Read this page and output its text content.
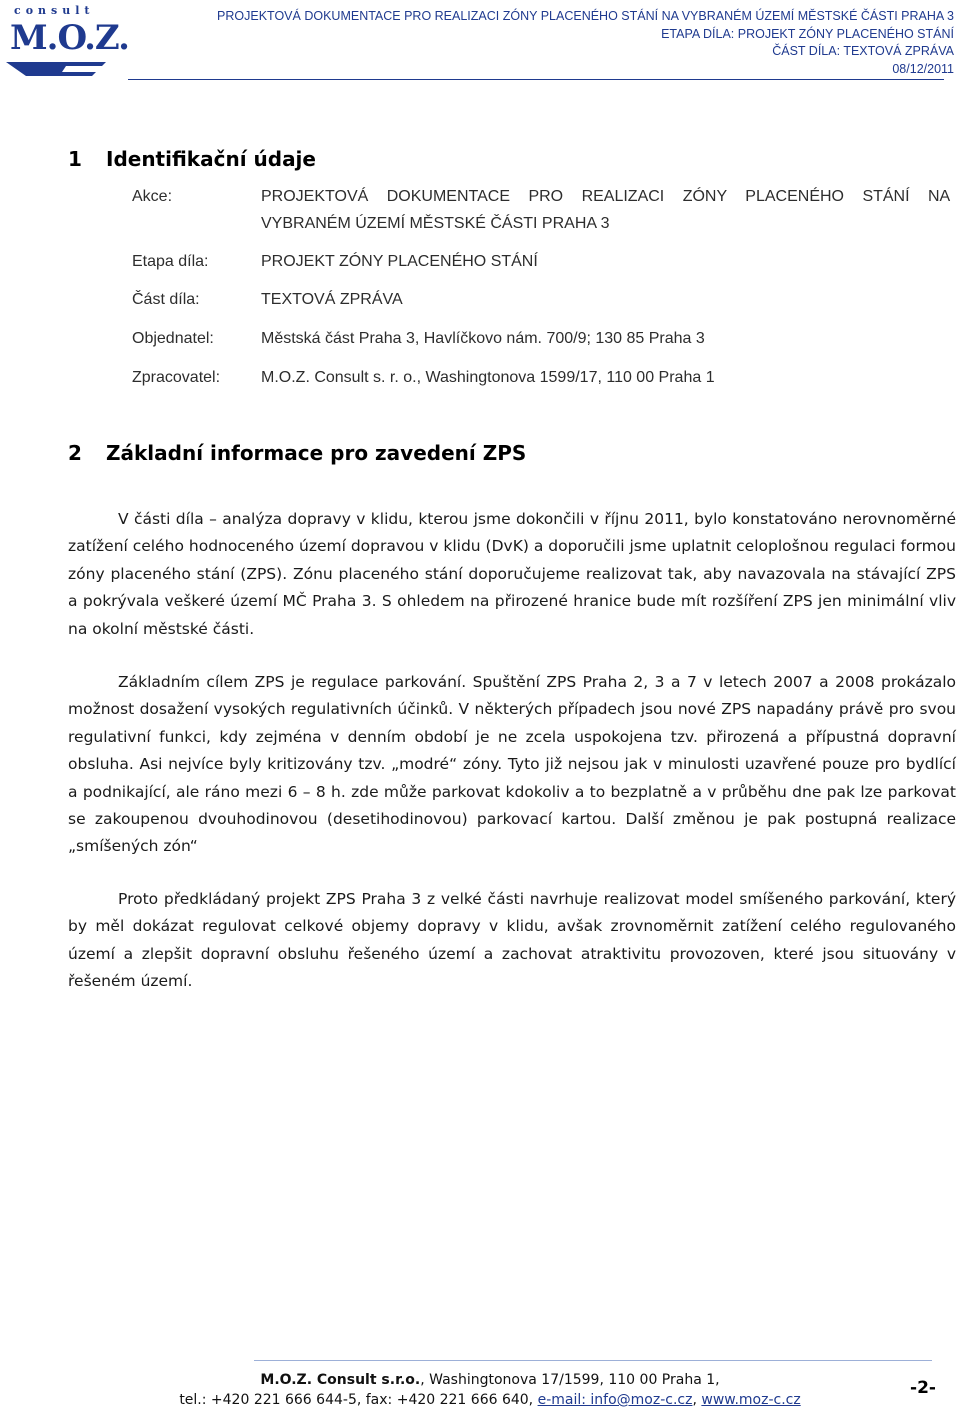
consult
M.O.Z.
PROJEKTOVÁ DOKUMENTACE PRO REALIZACI ZÓNY PLACENÉHO STÁNÍ NA VYBRANÉM ÚZEMÍ MĚSTSKÉ ČÁSTI PRAHA 3
ETAPA DÍLA: PROJEKT ZÓNY PLACENÉHO STÁNÍ
ČÁST DÍLA: TEXTOVÁ ZPRÁVA
08/12/2011
1 Identifikační údaje
Akce:	PROJEKTOVÁ DOKUMENTACE PRO REALIZACI ZÓNY PLACENÉHO STÁNÍ NA
VYBRANÉM ÚZEMÍ MĚSTSKÉ ČÁSTI PRAHA 3
Etapa díla:	PROJEKT ZÓNY PLACENÉHO STÁNÍ
Část díla:	TEXTOVÁ ZPRÁVA
Objednatel:	Městská část Praha 3, Havlíčkovo nám. 700/9; 130 85 Praha 3
Zpracovatel:	M.O.Z. Consult s. r. o., Washingtonova 1599/17, 110 00 Praha 1
2 Základní informace pro zavedení ZPS
V části díla – analýza dopravy v klidu, kterou jsme dokončili v říjnu 2011, bylo konstatováno nerovnoměrné zatížení celého hodnoceného území dopravou v klidu (DvK) a doporučili jsme uplatnit celoplošnou regulaci formou zóny placeného stání (ZPS). Zónu placeného stání doporučujeme realizovat tak, aby navazovala na stávající ZPS a pokrývala veškeré území MČ Praha 3. S ohledem na přirozené hranice bude mít rozšíření ZPS jen minimální vliv na okolní městské části.
Základním cílem ZPS je regulace parkování. Spuštění ZPS Praha 2, 3 a 7 v letech 2007 a 2008 prokázalo možnost dosažení vysokých regulativních účinků. V některých případech jsou nové ZPS napadány právě pro svou regulativní funkci, kdy zejména v denním období je ne zcela uspokojena tzv. přirozená a přípustná dopravní obsluha. Asi nejvíce byly kritizovány tzv. „modré“ zóny. Tyto již nejsou jak v minulosti uzavřené pouze pro bydlící a podnikající, ale ráno mezi 6 – 8 h. zde může parkovat kdokoliv a to bezplatně a v průběhu dne pak lze parkovat se zakoupenou dvouhodinovou (desetihodinovou) parkovací kartou. Další změnou je pak postupná realizace „smíšených zón“
Proto předkládaný projekt ZPS Praha 3 z velké části navrhuje realizovat model smíšeného parkování, který by měl dokázat regulovat celkové objemy dopravy v klidu, avšak zrovnoměrnit zatížení celého regulovaného území a zlepšit dopravní obsluhu řešeného území a zachovat atraktivitu provozoven, které jsou situovány v řešeném území.
M.O.Z. Consult s.r.o., Washingtonova 17/1599, 110 00 Praha 1,
tel.: +420 221 666 644-5, fax: +420 221 666 640, e-mail: info@moz-c.cz, www.moz-c.cz
-2-
